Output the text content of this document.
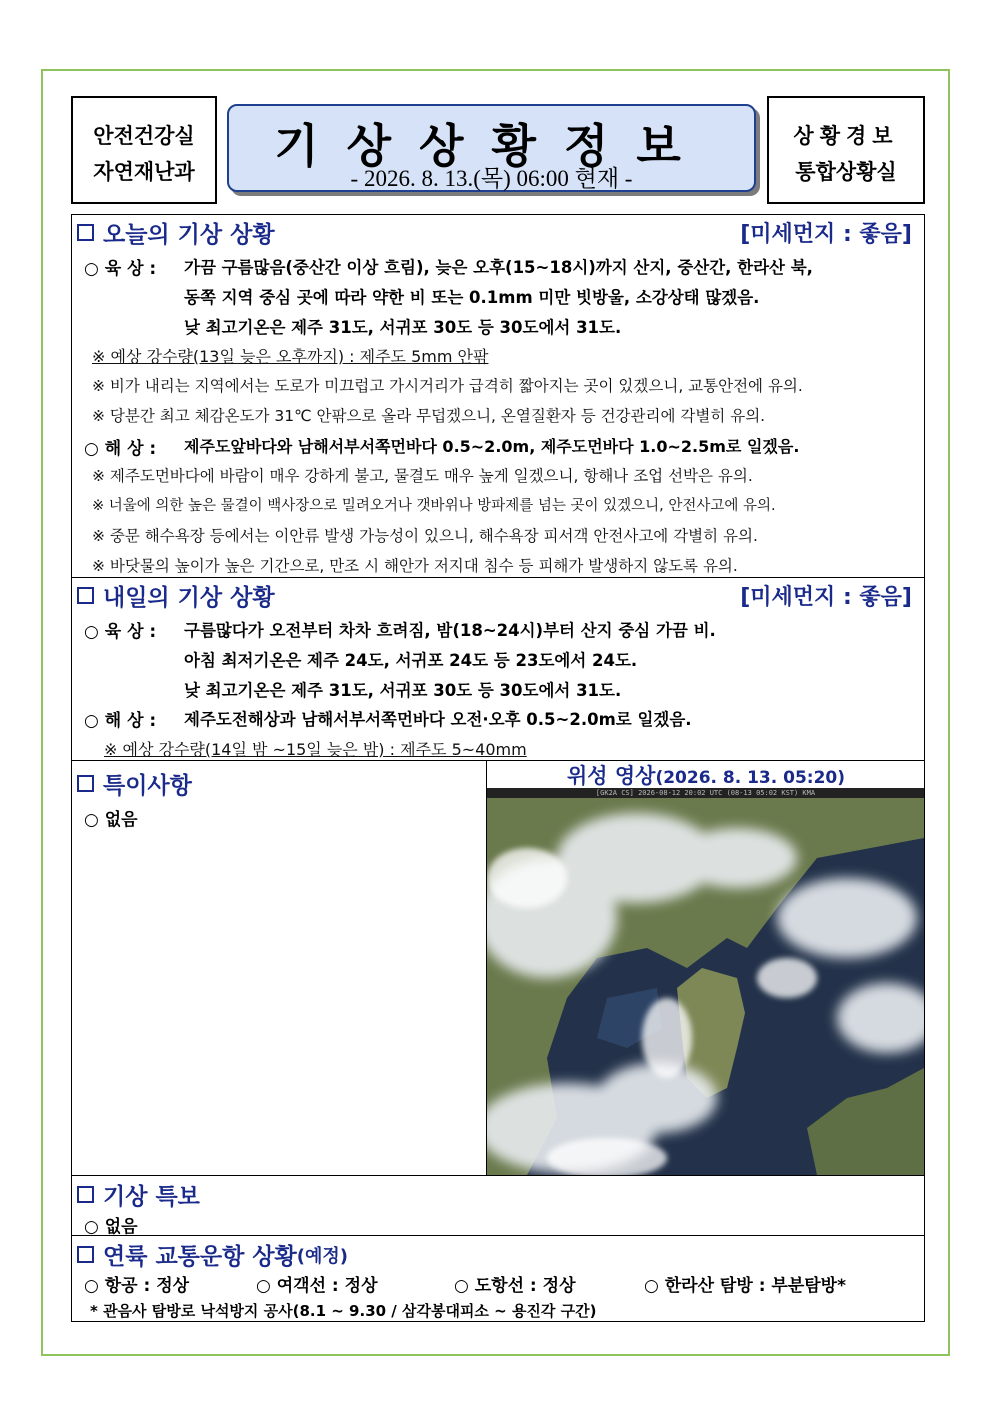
안전건강실
자연재난과	기상상황정보
- 2026. 8. 13.(목) 06:00 현재 -
상황경보
통합상황실
오늘의 기상 상황	[미세먼지 : 좋음]
○ 육 상 : 가끔 구름많음(중산간 이상 흐림), 늦은 오후(15~18시)까지 산지, 중산간, 한라산 북,
동쪽 지역 중심 곳에 따라 약한 비 또는 0.1mm 미만 빗방울, 소강상태 많겠음.
낮 최고기온은 제주 31도, 서귀포 30도 등 30도에서 31도.
※ 예상 강수량(13일 늦은 오후까지) : 제주도 5mm 안팎
※ 비가 내리는 지역에서는 도로가 미끄럽고 가시거리가 급격히 짧아지는 곳이 있겠으니, 교통안전에 유의.
※ 당분간 최고 체감온도가 31℃ 안팎으로 올라 무덥겠으니, 온열질환자 등 건강관리에 각별히 유의.
○ 해 상 : 제주도앞바다와 남해서부서쪽먼바다 0.5~2.0m, 제주도먼바다 1.0~2.5m로 일겠음.
※ 제주도먼바다에 바람이 매우 강하게 불고, 물결도 매우 높게 일겠으니, 항해나 조업 선박은 유의.
※ 너울에 의한 높은 물결이 백사장으로 밀려오거나 갯바위나 방파제를 넘는 곳이 있겠으니, 안전사고에 유의.
※ 중문 해수욕장 등에서는 이안류 발생 가능성이 있으니, 해수욕장 피서객 안전사고에 각별히 유의.
※ 바닷물의 높이가 높은 기간으로, 만조 시 해안가 저지대 침수 등 피해가 발생하지 않도록 유의.
내일의 기상 상황	[미세먼지 : 좋음]
○ 육 상 : 구름많다가 오전부터 차차 흐려짐, 밤(18~24시)부터 산지 중심 가끔 비.
아침 최저기온은 제주 24도, 서귀포 24도 등 23도에서 24도.
낮 최고기온은 제주 31도, 서귀포 30도 등 30도에서 31도.
○ 해 상 : 제주도전해상과 남해서부서쪽먼바다 오전·오후 0.5~2.0m로 일겠음.
※ 예상 강수량(14일 밤 ~15일 늦은 밤) : 제주도 5~40mm
특이사항
○ 없음
위성 영상(2026. 8. 13. 05:20)
[GK2A CS] 2026-08-12 20:02 UTC (08-13 05:02 KST) KMA
기상 특보
○ 없음
연륙 교통운항 상황 (예정)
○ 항공 : 정상	○ 여객선 : 정상	○ 도항선 : 정상	○ 한라산 탐방 : 부분탐방*
* 관음사 탐방로 낙석방지 공사(8.1 ~ 9.30 / 삼각봉대피소 ~ 용진각 구간)
